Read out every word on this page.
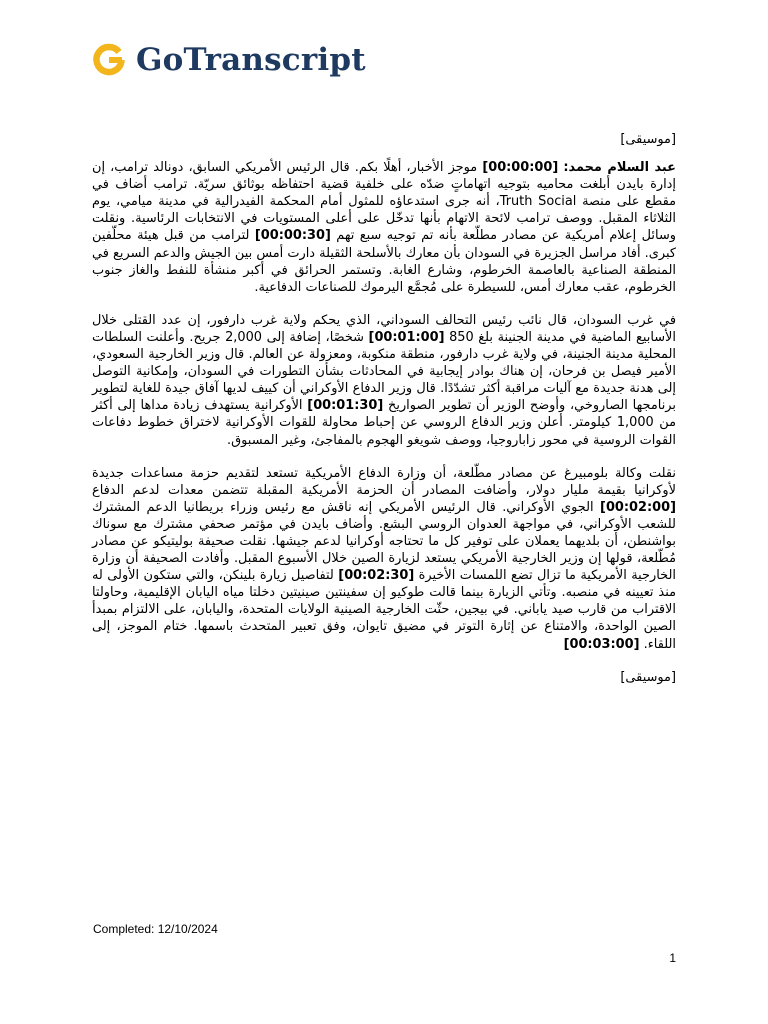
GoTranscript

[موسيقى]

عبد السلام محمد: [00:00:00] موجز الأخبار، أهلًا بكم. قال الرئيس الأمريكي السابق، دونالد ترامب، إن إدارة بايدن أبلغت محاميه بتوجيه اتهاماتٍ ضدّه على خلفية قضية احتفاظه بوثائق سريّة. ترامب أضاف في مقطع على منصة Truth Social، أنه جرى استدعاؤه للمثول أمام المحكمة الفيدرالية في مدينة ميامي، يوم الثلاثاء المقبل. ووصف ترامب لائحة الاتهام بأنها تدخّل على أعلى المستويات في الانتخابات الرئاسية. ونقلت وسائل إعلام أمريكية عن مصادر مطلّعة بأنه تم توجيه سبع تهم [00:00:30] لترامب من قبل هيئة محلّفين كبرى. أفاد مراسل الجزيرة في السودان بأن معارك بالأسلحة الثقيلة دارت أمس بين الجيش والدعم السريع في المنطقة الصناعية بالعاصمة الخرطوم، وشارع الغابة. وتستمر الحرائق في أكبر منشأة للنفط والغاز جنوب الخرطوم، عقب معارك أمس، للسيطرة على مُجمَّع اليرموك للصناعات الدفاعية.

في غرب السودان، قال نائب رئيس التحالف السوداني، الذي يحكم ولاية غرب دارفور، إن عدد القتلى خلال الأسابيع الماضية في مدينة الجنينة بلغ 850 [00:01:00] شخصًا، إضافة إلى 2,000 جريح. وأعلنت السلطات المحلية مدينة الجنينة، في ولاية غرب دارفور، منطقة منكوبة، ومعزولة عن العالم. قال وزير الخارجية السعودي، الأمير فيصل بن فرحان، إن هناك بوادر إيجابية في المحادثات بشأن التطورات في السودان، وإمكانية التوصل إلى هدنة جديدة مع آليات مراقبة أكثر تشدّدًا. قال وزير الدفاع الأوكراني أن كييف لديها آفاق جيدة للغاية لتطوير برنامجها الصاروخي، وأوضح الوزير أن تطوير الصواريخ [00:01:30] الأوكرانية يستهدف زيادة مداها إلى أكثر من 1,000 كيلومتر. أعلن وزير الدفاع الروسي عن إحباط محاولة للقوات الأوكرانية لاختراق خطوط دفاعات القوات الروسية في محور زاباروجيا، ووصف شويغو الهجوم بالمفاجئ، وغير المسبوق.

نقلت وكالة بلومبيرغ عن مصادر مطّلعة، أن وزارة الدفاع الأمريكية تستعد لتقديم حزمة مساعدات جديدة لأوكرانيا بقيمة مليار دولار، وأضافت المصادر أن الحزمة الأمريكية المقبلة تتضمن معدات لدعم الدفاع [00:02:00] الجوي الأوكراني. قال الرئيس الأمريكي إنه ناقش مع رئيس وزراء بريطانيا الدعم المشترك للشعب الأوكراني، في مواجهة العدوان الروسي البشع. وأضاف بايدن في مؤتمر صحفي مشترك مع سوناك بواشنطن، أن بلديهما يعملان على توفير كل ما تحتاجه أوكرانيا لدعم جيشها. نقلت صحيفة بوليتيكو عن مصادر مُطّلعة، قولها إن وزير الخارجية الأمريكي يستعد لزيارة الصين خلال الأسبوع المقبل. وأفادت الصحيفة أن وزارة الخارجية الأمريكية ما تزال تضع اللمسات الأخيرة [00:02:30] لتفاصيل زيارة بلينكن، والتي ستكون الأولى له منذ تعيينه في منصبه. وتأتي الزيارة بينما قالت طوكيو إن سفينتين صينيتين دخلتا مياه اليابان الإقليمية، وحاولتا الاقتراب من قارب صيد ياباني. في بيجين، حثّت الخارجية الصينية الولايات المتحدة، واليابان، على الالتزام بمبدأ الصين الواحدة، والامتناع عن إثارة التوتر في مضيق تايوان، وفق تعبير المتحدث باسمها. ختام الموجز، إلى اللقاء. [00:03:00]

[موسيقى]

Completed: 12/10/2024
1
